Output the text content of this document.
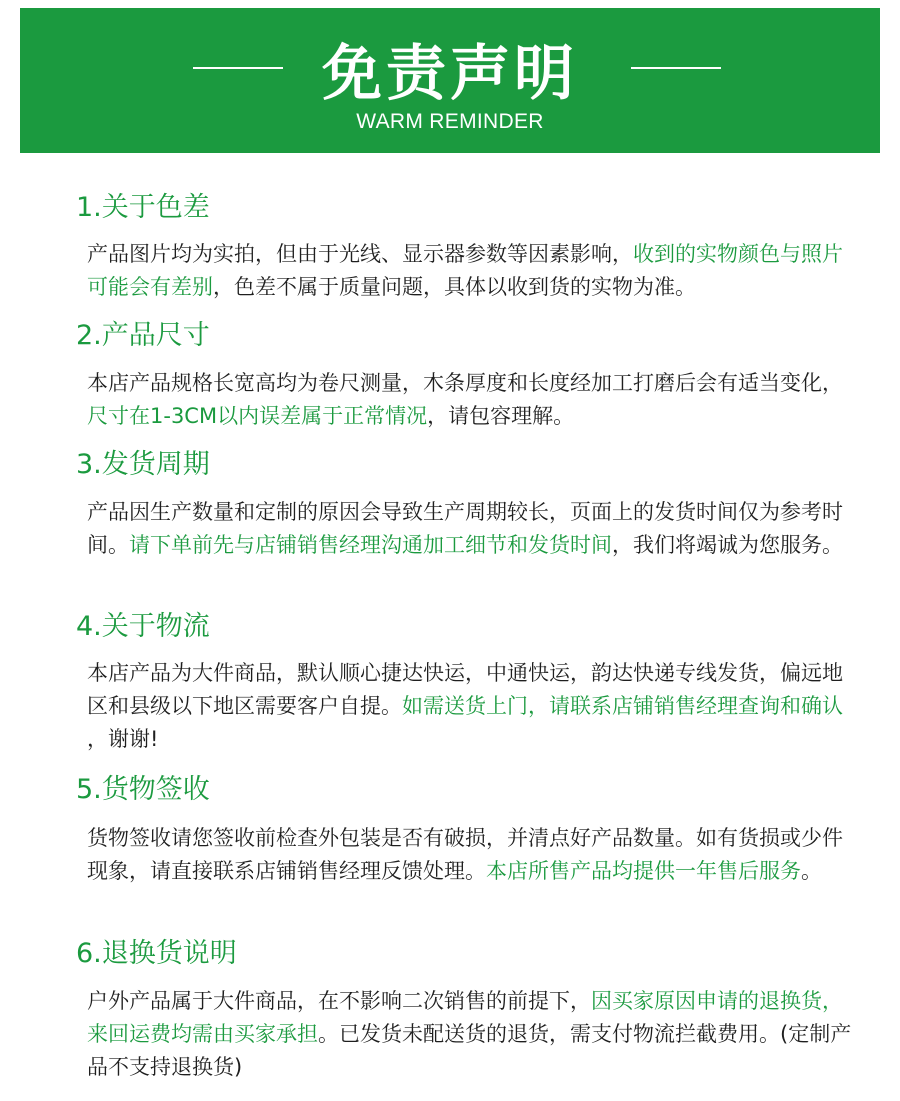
免责声明
WARM REMINDER
1.关于色差
产品图片均为实拍，但由于光线、显示器参数等因素影响，收到的实物颜色与照片可能会有差别，色差不属于质量问题，具体以收到货的实物为准。
2.产品尺寸
本店产品规格长宽高均为卷尺测量，木条厚度和长度经加工打磨后会有适当变化，尺寸在1-3CM以内误差属于正常情况，请包容理解。
3.发货周期
产品因生产数量和定制的原因会导致生产周期较长，页面上的发货时间仅为参考时间。请下单前先与店铺销售经理沟通加工细节和发货时间，我们将竭诚为您服务。
4.关于物流
本店产品为大件商品，默认顺心捷达快运，中通快运，韵达快递专线发货，偏远地区和县级以下地区需要客户自提。如需送货上门，请联系店铺销售经理查询和确认，谢谢!
5.货物签收
货物签收请您签收前检查外包装是否有破损，并清点好产品数量。如有货损或少件现象，请直接联系店铺销售经理反馈处理。本店所售产品均提供一年售后服务。
6.退换货说明
户外产品属于大件商品，在不影响二次销售的前提下，因买家原因申请的退换货，来回运费均需由买家承担。已发货未配送货的退货，需支付物流拦截费用。(定制产品不支持退换货)
